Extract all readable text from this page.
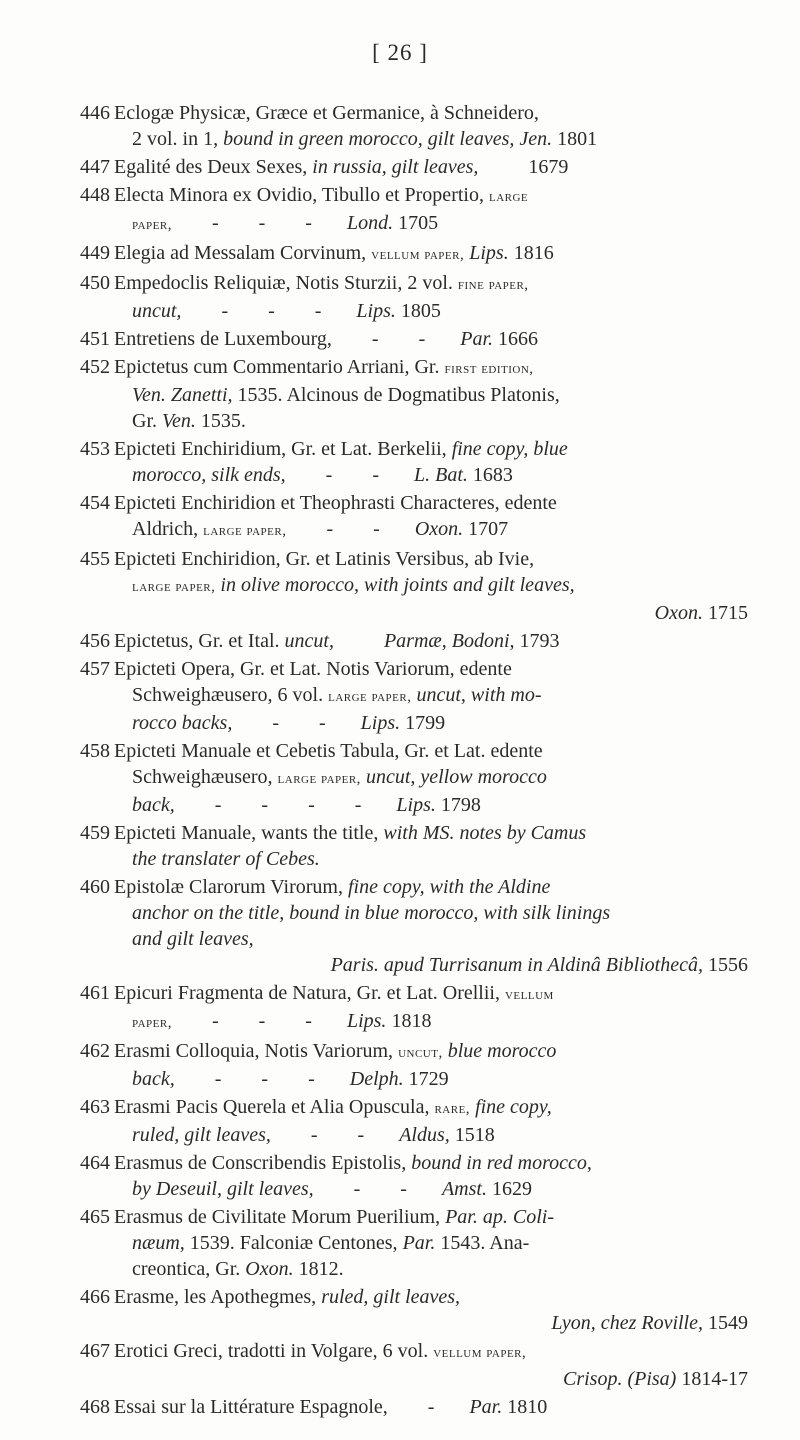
[ 26 ]
446 Eclogæ Physicæ, Græce et Germanice, à Schneidero,
2 vol. in 1, bound in green morocco, gilt leaves, Jen. 1801
447 Egalité des Deux Sexes, in russia, gilt leaves,          1679
448 Electa Minora ex Ovidio, Tibullo et Propertio, large
paper,        -        -        -       Lond. 1705
449 Elegia ad Messalam Corvinum, vellum paper, Lips. 1816
450 Empedoclis Reliquiæ, Notis Sturzii, 2 vol. fine paper,
uncut,        -        -        -       Lips. 1805
451 Entretiens de Luxembourg,        -        -       Par. 1666
452 Epictetus cum Commentario Arriani, Gr. first edition,
Ven. Zanetti, 1535. Alcinous de Dogmatibus Platonis,
Gr. Ven. 1535.
453 Epicteti Enchiridium, Gr. et Lat. Berkelii, fine copy, blue
morocco, silk ends,        -        -       L. Bat. 1683
454 Epicteti Enchiridion et Theophrasti Characteres, edente
Aldrich, large paper,        -        -       Oxon. 1707
455 Epicteti Enchiridion, Gr. et Latinis Versibus, ab Ivie,
large paper, in olive morocco, with joints and gilt leaves,
Oxon. 1715
456 Epictetus, Gr. et Ital. uncut,	Parmæ, Bodoni, 1793
457 Epicteti Opera, Gr. et Lat. Notis Variorum, edente
Schweighæusero, 6 vol. large paper, uncut, with mo-
rocco backs,        -        -       Lips. 1799
458 Epicteti Manuale et Cebetis Tabula, Gr. et Lat. edente
Schweighæusero, large paper, uncut, yellow morocco
back,        -        -        -        -       Lips. 1798
459 Epicteti Manuale, wants the title, with MS. notes by Camus
the translater of Cebes.
460 Epistolæ Clarorum Virorum, fine copy, with the Aldine
anchor on the title, bound in blue morocco, with silk linings
and gilt leaves,
Paris. apud Turrisanum in Aldinâ Bibliothecâ, 1556
461 Epicuri Fragmenta de Natura, Gr. et Lat. Orellii, vellum
paper,        -        -        -       Lips. 1818
462 Erasmi Colloquia, Notis Variorum, uncut, blue morocco
back,        -        -        -       Delph. 1729
463 Erasmi Pacis Querela et Alia Opuscula, rare, fine copy,
ruled, gilt leaves,        -        -       Aldus, 1518
464 Erasmus de Conscribendis Epistolis, bound in red morocco,
by Deseuil, gilt leaves,        -        -       Amst. 1629
465 Erasmus de Civilitate Morum Puerilium, Par. ap. Coli-
næum, 1539. Falconiæ Centones, Par. 1543. Ana-
creontica, Gr. Oxon. 1812.
466 Erasme, les Apothegmes, ruled, gilt leaves,
Lyon, chez Roville, 1549
467 Erotici Greci, tradotti in Volgare, 6 vol. vellum paper,
Crisop. (Pisa) 1814-17
468 Essai sur la Littérature Espagnole,        -       Par. 1810
